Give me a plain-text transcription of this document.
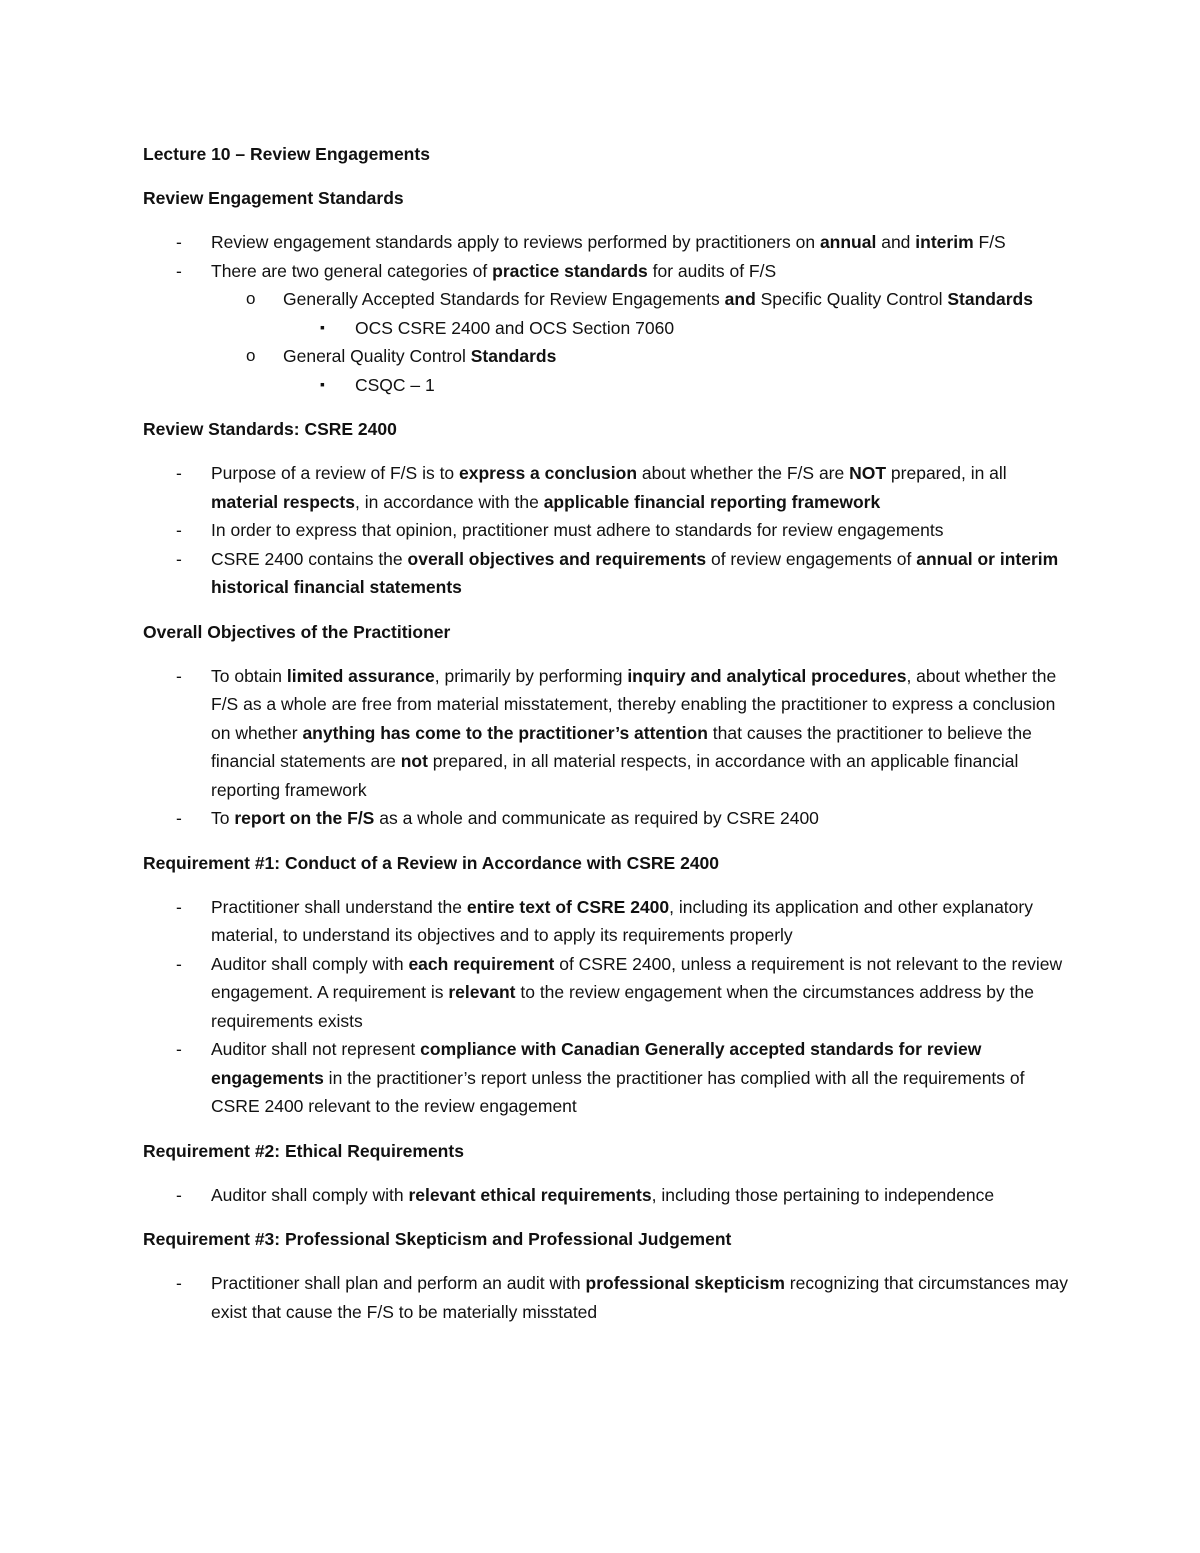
Lecture 10 – Review Engagements
Review Engagement Standards
- Review engagement standards apply to reviews performed by practitioners on annual and interim F/S
- There are two general categories of practice standards for audits of F/S
o Generally Accepted Standards for Review Engagements and Specific Quality Control Standards
▪ OCS CSRE 2400 and OCS Section 7060
o General Quality Control Standards
▪ CSQC – 1
Review Standards: CSRE 2400
- Purpose of a review of F/S is to express a conclusion about whether the F/S are NOT prepared, in all material respects, in accordance with the applicable financial reporting framework
- In order to express that opinion, practitioner must adhere to standards for review engagements
- CSRE 2400 contains the overall objectives and requirements of review engagements of annual or interim historical financial statements
Overall Objectives of the Practitioner
- To obtain limited assurance, primarily by performing inquiry and analytical procedures, about whether the F/S as a whole are free from material misstatement, thereby enabling the practitioner to express a conclusion on whether anything has come to the practitioner’s attention that causes the practitioner to believe the financial statements are not prepared, in all material respects, in accordance with an applicable financial reporting framework
- To report on the F/S as a whole and communicate as required by CSRE 2400
Requirement #1: Conduct of a Review in Accordance with CSRE 2400
- Practitioner shall understand the entire text of CSRE 2400, including its application and other explanatory material, to understand its objectives and to apply its requirements properly
- Auditor shall comply with each requirement of CSRE 2400, unless a requirement is not relevant to the review engagement. A requirement is relevant to the review engagement when the circumstances address by the requirements exists
- Auditor shall not represent compliance with Canadian Generally accepted standards for review engagements in the practitioner’s report unless the practitioner has complied with all the requirements of CSRE 2400 relevant to the review engagement
Requirement #2: Ethical Requirements
- Auditor shall comply with relevant ethical requirements, including those pertaining to independence
Requirement #3: Professional Skepticism and Professional Judgement
- Practitioner shall plan and perform an audit with professional skepticism recognizing that circumstances may exist that cause the F/S to be materially misstated
